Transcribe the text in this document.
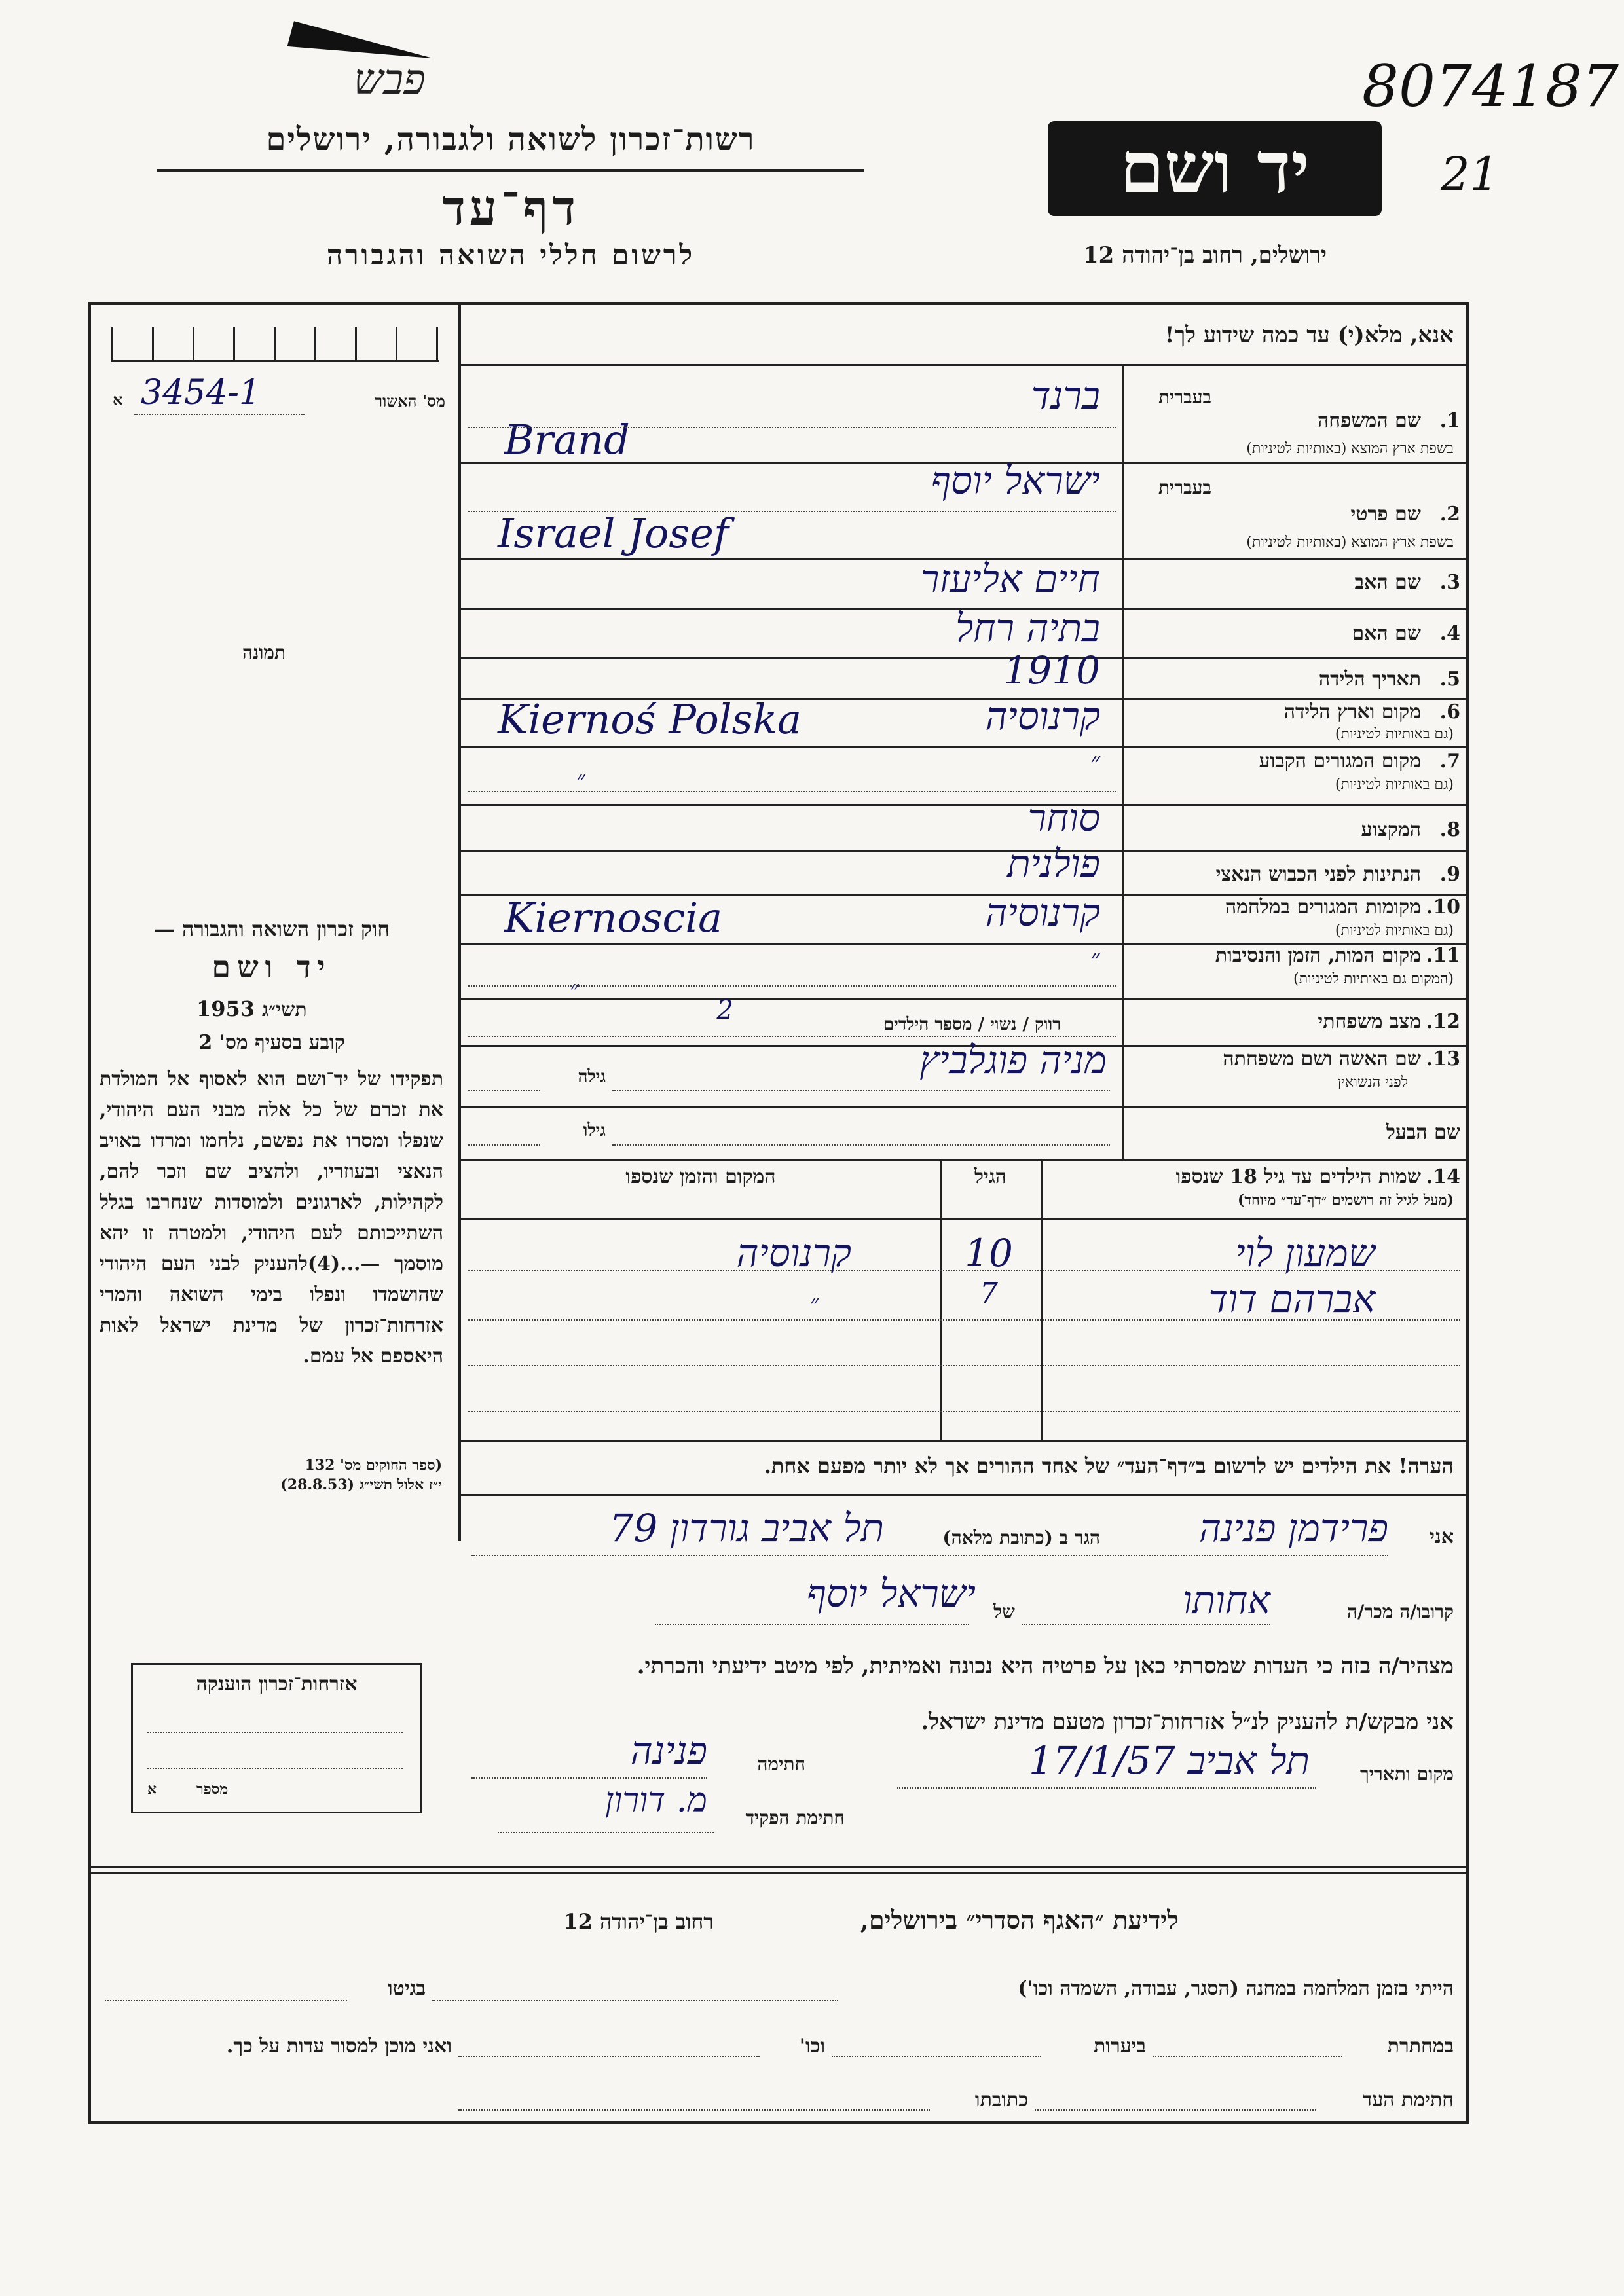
פבש	8074187
21
רשות־זכרון לשואה ולגבורה, ירושלים
דף־עד
לרשום חללי השואה והגבורה
יד ושם
ירושלים, רחוב בן־יהודה 12
אנא, מלא(י) עד כמה שידוע לך!
מס' האשור
א 3454-1
תמונה
חוק זכרון השואה והגבורה —
יד ושם
תשי״ג
1953
קובע בסעיף מס' 2
תפקידו של יד־ושם הוא לאסוף אל המולדת את זכרם של כל אלה מבני העם היהודי, שנפלו ומסרו את נפשם, נלחמו ומרדו באויב הנאצי ובעוזריו, ולהציב שם וזכר להם, לקהילות, לארגונים ולמוסדות שנחרבו בגלל השתייכותם לעם היהודי, ולמטרה זו יהא מוסמך —...(4)להעניק לבני העם היהודי שהושמדו ונפלו בימי השואה והמרי אזרחות־זכרון של מדינת ישראל לאות היאספם אל עמם.
(ספר החוקים מס' 132
י״ז אלול תשי״ג (28.8.53)
אזרחות־זכרון הוענקה
מספר
א
בעברית
1.
שם המשפחה
בשפת ארץ המוצא (באותיות לטיניות)
ברנד
Brand
בעברית
2.
שם פרטי
בשפת ארץ המוצא (באותיות לטיניות)
ישראל יוסף
Israel Josef
3.
שם האב
חיים אליעזר
4.
שם האם
בתיה רחל
5.
תאריך הלידה
1910
6.
מקום וארץ הלידה
(גם באותיות לטיניות)
קרנוסיה
Kiernoś Polska
7.
מקום המגורים הקבוע
(גם באותיות לטיניות)
״
״
8.
המקצוע
סוחר
9.
הנתינות לפני הכבוש הנאצי
פולנית
10.
מקומות המגורים במלחמה
(גם באותיות לטיניות)
קרנוסיה
Kiernoscia
11.
מקום המות, הזמן והנסיבות
(המקום גם באותיות לטיניות)
״
״
12.
מצב משפחתי
רווק / נשוי / מספר הילדים
2
13.
שם האשה ושם משפחתה
לפני הנשואין
מניה פוגלביץ
גילה
שם הבעל
גילו
14.
שמות הילדים עד גיל 18 שנספו
(מעל לגיל זה רושמים ״דף־עד״ מיוחד)
הגיל
המקום והזמן שנספו
שמעון לוי
10
קרנוסיה
אברהם דוד
7
״
הערה! את הילדים יש לרשום ב״דף־העד״ של אחד ההורים אך לא יותר מפעם אחת.
אני
פרידמן פנינה
הגר ב (כתובת מלאה)
תל אביב גורדון 79
קרובו/ה מכר/ה
אחותו
של
ישראל יוסף
מצהיר/ה בזה כי העדות שמסרתי כאן על פרטיה היא נכונה ואמיתית, לפי מיטב ידיעתי והכרתי.
אני מבקש/ת להעניק לנ״ל אזרחות־זכרון מטעם מדינת ישראל.
מקום ותאריך
תל אביב 17/1/57
חתימה
פנינה
חתימת הפקיד
מ. דורון
לידיעת ״האגף הסדרי״ בירושלים,
רחוב בן־יהודה 12
הייתי בזמן המלחמה במחנה (הסגר, עבודה, השמדה וכו')
בגיטו
במחתרת
ביערות
וכו'
ואני מוכן למסור עדות על כך.
חתימת העד
כתובתו
